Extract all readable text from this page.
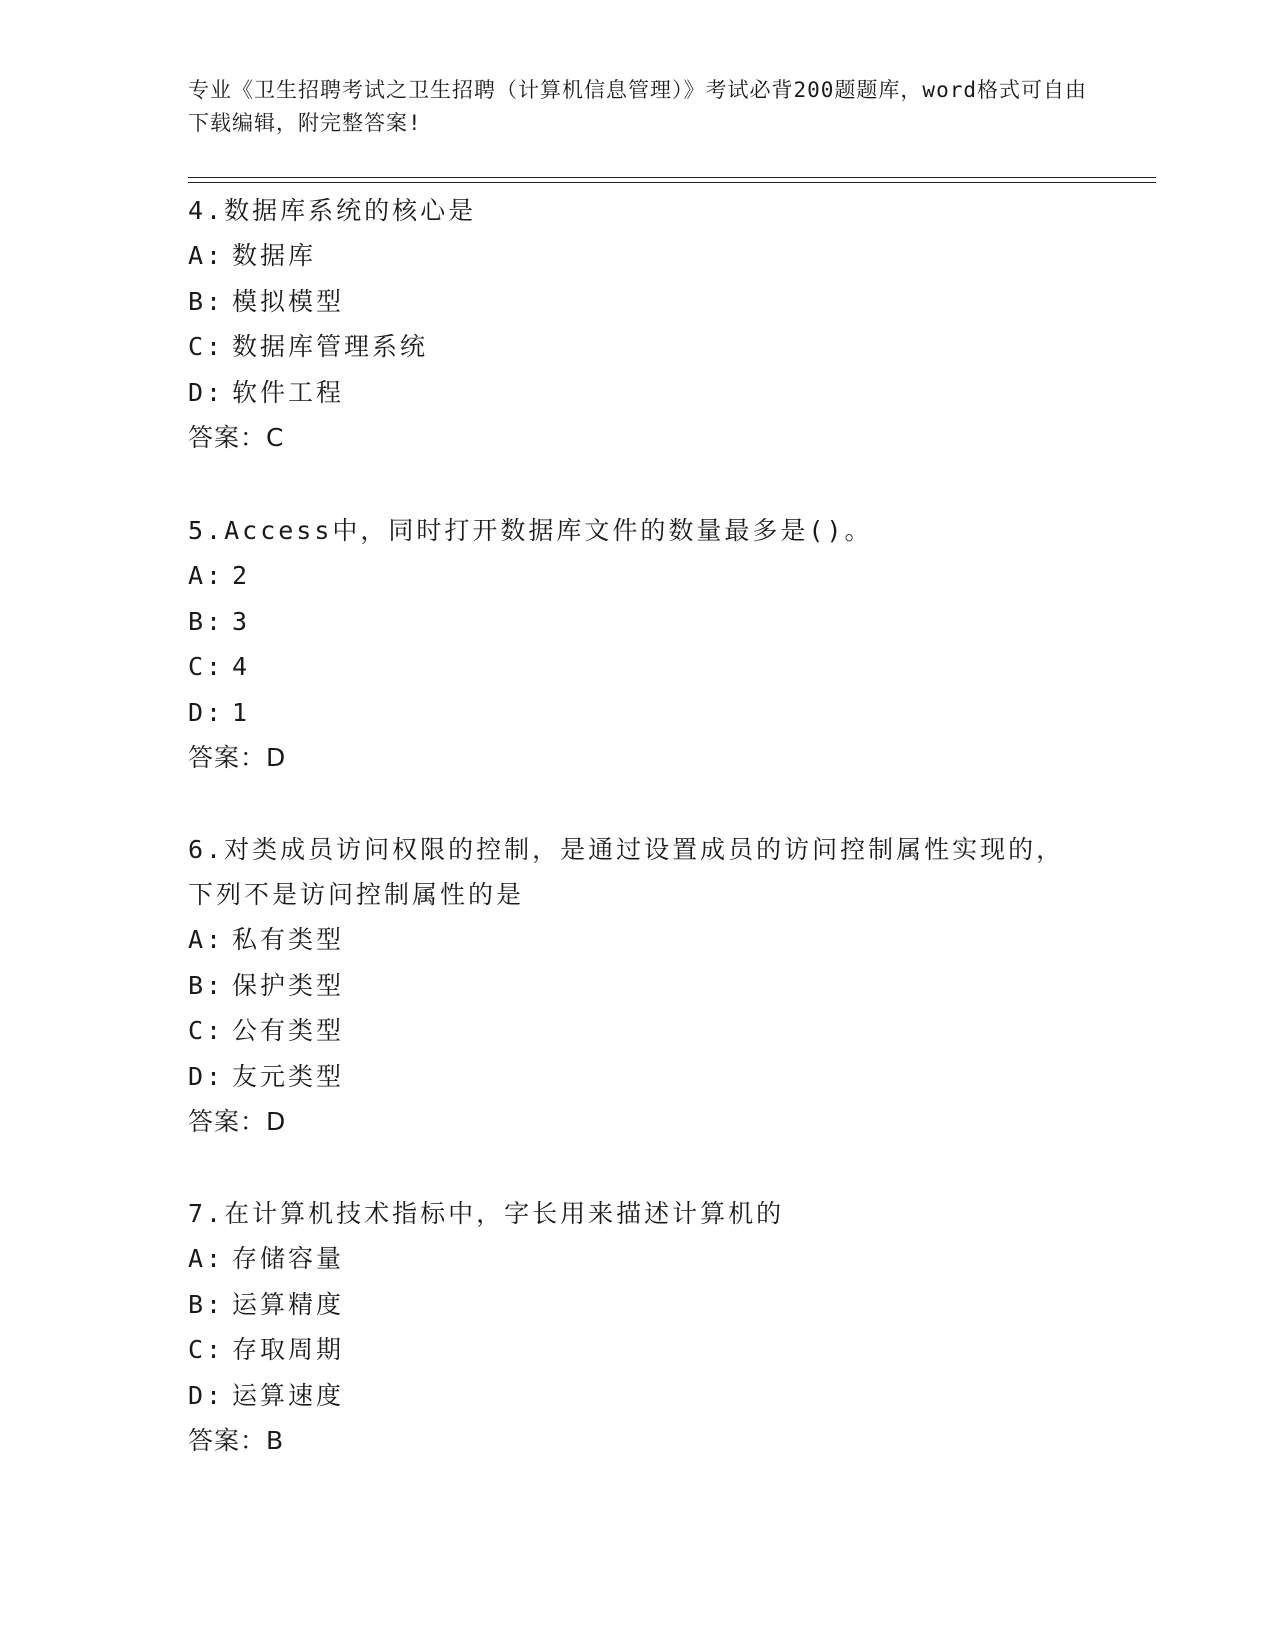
专业《卫生招聘考试之卫生招聘（计算机信息管理）》考试必背200题题库，word格式可自由下载编辑，附完整答案!

4.数据库系统的核心是

A: 数据库

B: 模拟模型

C: 数据库管理系统

D: 软件工程

答案：C

5.Access中，同时打开数据库文件的数量最多是()。

A: 2

B: 3

C: 4

D: 1

答案：D

6.对类成员访问权限的控制，是通过设置成员的访问控制属性实现的，下列不是访问控制属性的是

A: 私有类型

B: 保护类型

C: 公有类型

D: 友元类型

答案：D

7.在计算机技术指标中，字长用来描述计算机的

A: 存储容量

B: 运算精度

C: 存取周期

D: 运算速度

答案：B
